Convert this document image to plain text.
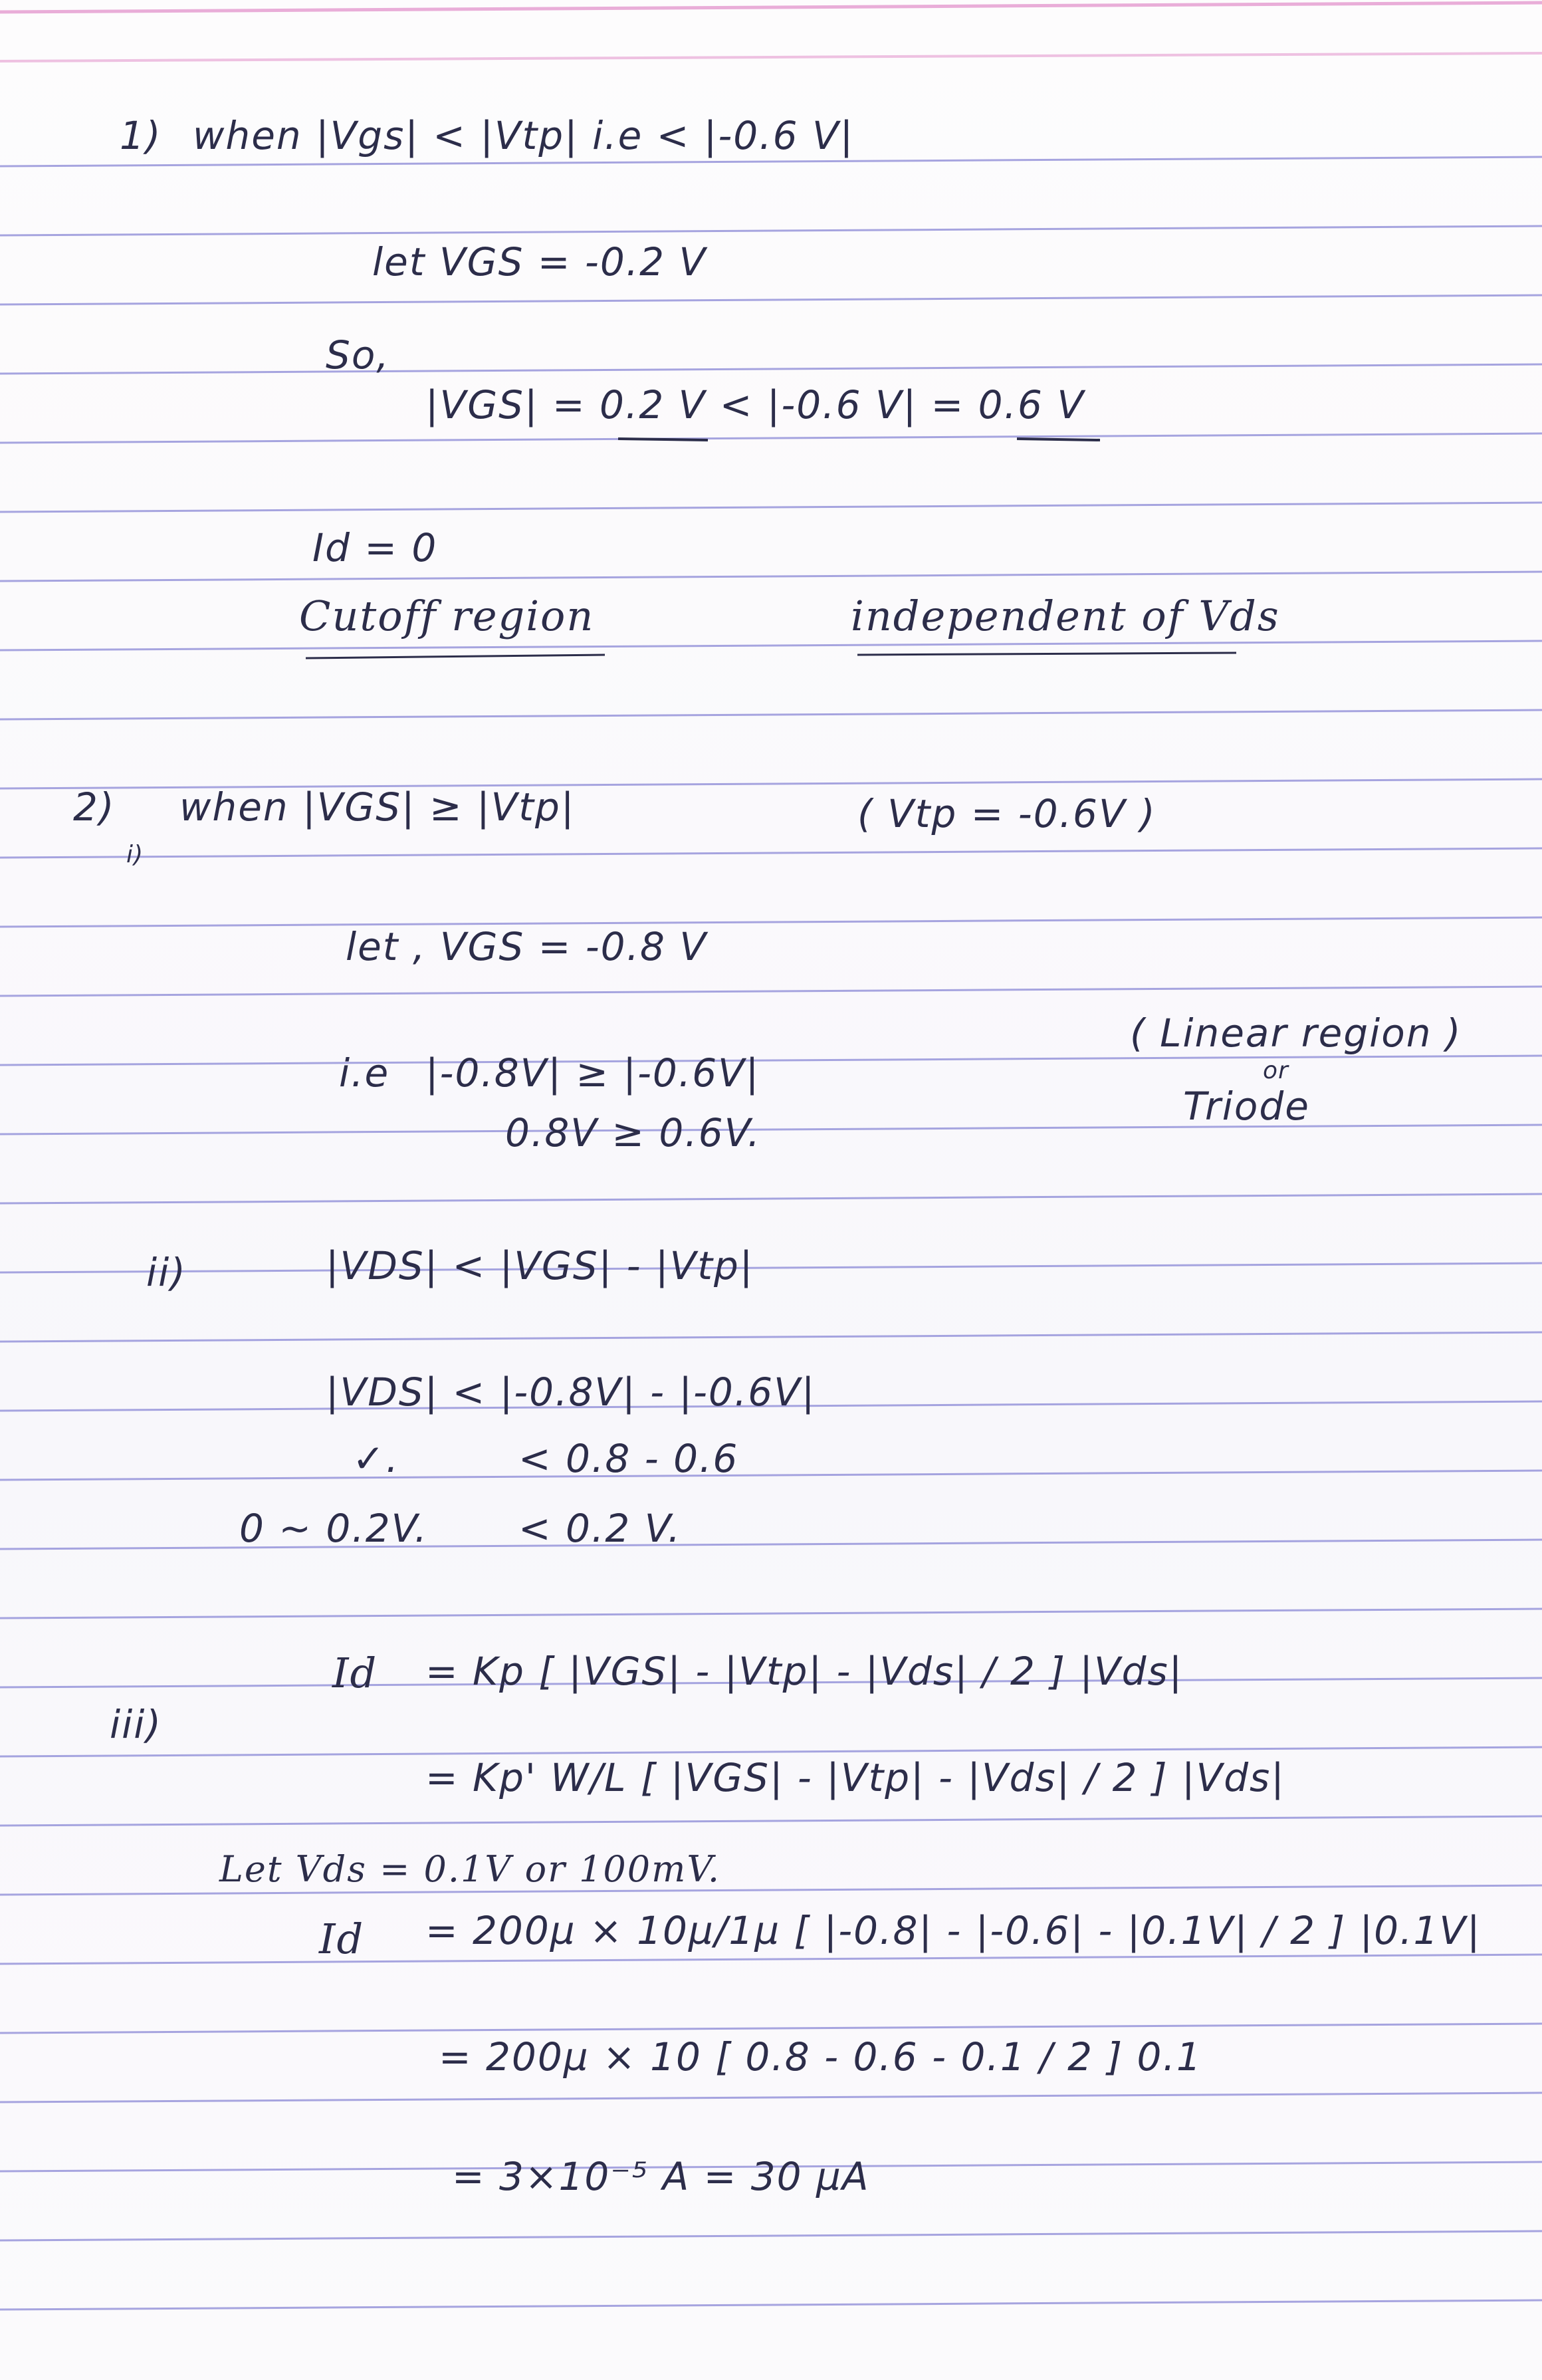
1) when |Vgs| < |Vtp| i.e < |-0.6 V|
let VGS = -0.2 V
So,
|VGS| = 0.2 V < |-0.6 V| = 0.6 V
Id = 0
Cutoff region	independent of Vds
2)
i)
when |VGS| ≥ |Vtp|	( Vtp = -0.6V )
let , VGS = -0.8 V
i.e |-0.8V| ≥ |-0.6V|
0.8V ≥ 0.6V.
( Linear region )
or
Triode
ii)	|VDS| < |VGS| - |Vtp|
|VDS| < |-0.8V| - |-0.6V|
✓.	< 0.8 - 0.6
0 ~ 0.2V. < 0.2 V.
iii)
Id = Kp [ |VGS| - |Vtp| - |Vds| / 2 ] |Vds|
= Kp' W/L [ |VGS| - |Vtp| - |Vds| / 2 ] |Vds|
Let Vds = 0.1V or 100mV.
Id = 200µ × 10µ/1µ [ |-0.8| - |-0.6| - |0.1V| / 2 ] |0.1V|
= 200µ × 10 [ 0.8 - 0.6 - 0.1 / 2 ] 0.1
= 3×10⁻⁵ A = 30 µA
